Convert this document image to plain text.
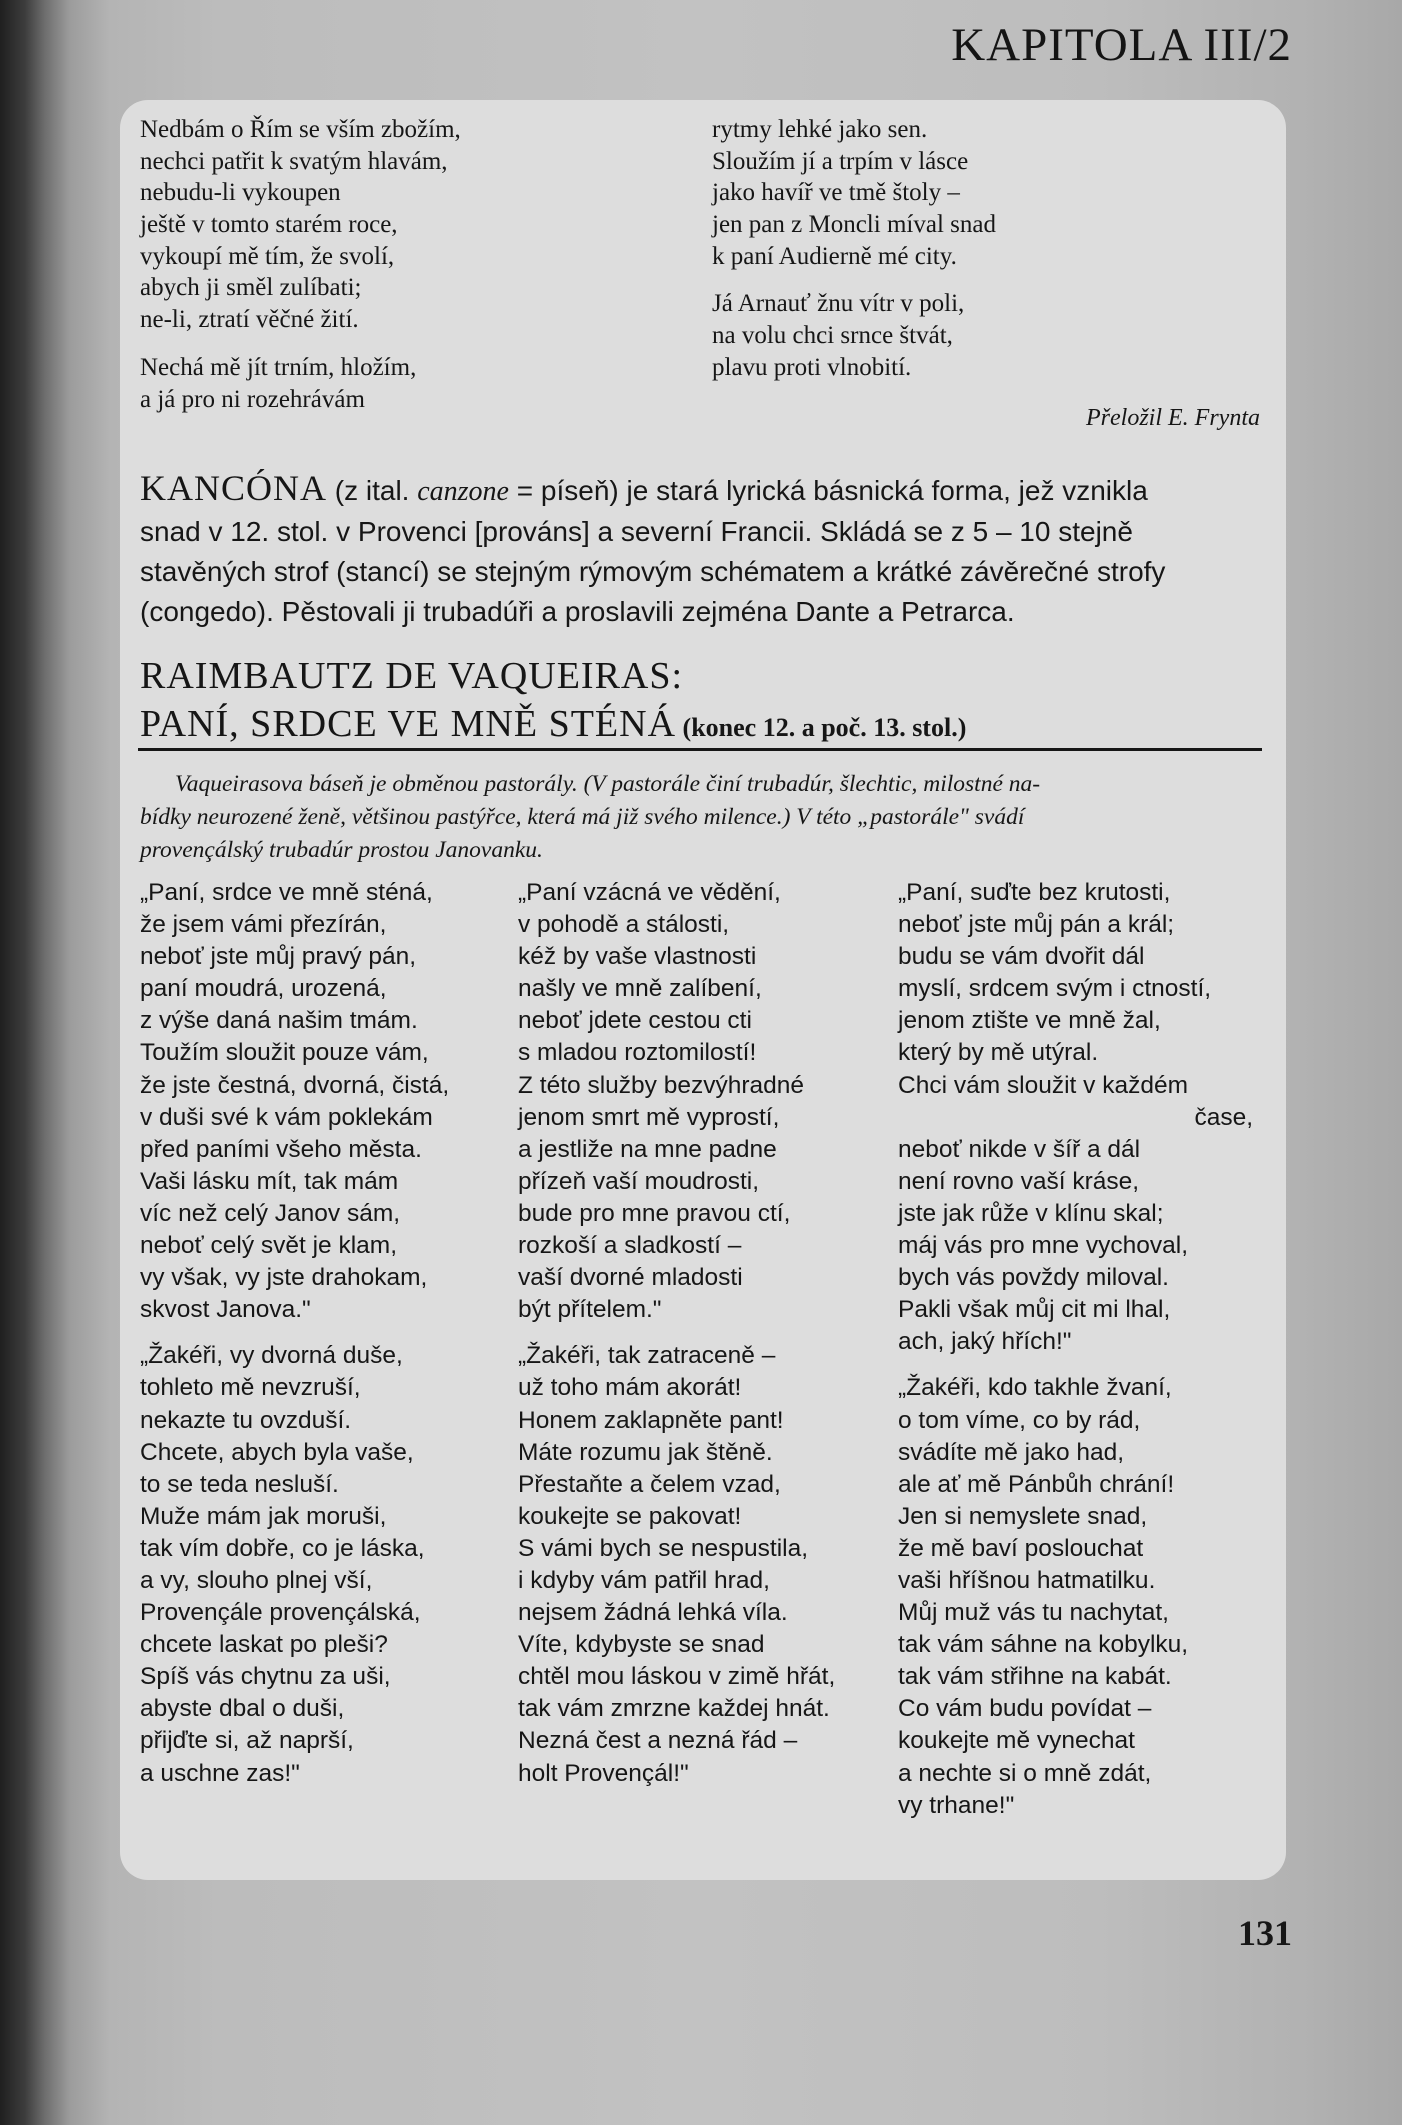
KAPITOLA III/2
Nedbám o Řím se vším zbožím,
nechci patřit k svatým hlavám,
nebudu-li vykoupen
ještě v tomto starém roce,
vykoupí mě tím, že svolí,
abych ji směl zulíbati;
ne-li, ztratí věčné žití.
Nechá mě jít trním, hložím,
a já pro ni rozehrávám
rytmy lehké jako sen.
Sloužím jí a trpím v lásce
jako havíř ve tmě štoly –
jen pan z Moncli míval snad
k paní Audierně mé city.
Já Arnauť žnu vítr v poli,
na volu chci srnce štvát,
plavu proti vlnobití.
Přeložil E. Frynta
KANCÓNA (z ital. canzone = píseň) je stará lyrická básnická forma, jež vznikla
snad v 12. stol. v Provenci [prováns] a severní Francii. Skládá se z 5 – 10 stejně
stavěných strof (stancí) se stejným rýmovým schématem a krátké závěrečné strofy
(congedo). Pěstovali ji trubadúři a proslavili zejména Dante a Petrarca.
RAIMBAUTZ DE VAQUEIRAS:
PANÍ, SRDCE VE MNĚ STÉNÁ (konec 12. a poč. 13. stol.)
Vaqueirasova báseň je obměnou pastorály. (V pastorále činí trubadúr, šlechtic, milostné na-
bídky neurozené ženě, většinou pastýřce, která má již svého milence.) V této „pastorále" svádí
provençálský trubadúr prostou Janovanku.
„Paní, srdce ve mně sténá,
že jsem vámi přezírán,
neboť jste můj pravý pán,
paní moudrá, urozená,
z výše daná našim tmám.
Toužím sloužit pouze vám,
že jste čestná, dvorná, čistá,
v duši své k vám poklekám
před paními všeho města.
Vaši lásku mít, tak mám
víc než celý Janov sám,
neboť celý svět je klam,
vy však, vy jste drahokam,
skvost Janova."
„Žakéři, vy dvorná duše,
tohleto mě nevzruší,
nekazte tu ovzduší.
Chcete, abych byla vaše,
to se teda nesluší.
Muže mám jak moruši,
tak vím dobře, co je láska,
a vy, slouho plnej vší,
Provençále provençálská,
chcete laskat po pleši?
Spíš vás chytnu za uši,
abyste dbal o duši,
přijďte si, až naprší,
a uschne zas!"
„Paní vzácná ve vědění,
v pohodě a stálosti,
kéž by vaše vlastnosti
našly ve mně zalíbení,
neboť jdete cestou cti
s mladou roztomilostí!
Z této služby bezvýhradné
jenom smrt mě vyprostí,
a jestliže na mne padne
přízeň vaší moudrosti,
bude pro mne pravou ctí,
rozkoší a sladkostí –
vaší dvorné mladosti
být přítelem."
„Žakéři, tak zatraceně –
už toho mám akorát!
Honem zaklapněte pant!
Máte rozumu jak štěně.
Přestaňte a čelem vzad,
koukejte se pakovat!
S vámi bych se nespustila,
i kdyby vám patřil hrad,
nejsem žádná lehká víla.
Víte, kdybyste se snad
chtěl mou láskou v zimě hřát,
tak vám zmrzne každej hnát.
Nezná čest a nezná řád –
holt Provençál!"
„Paní, suďte bez krutosti,
neboť jste můj pán a král;
budu se vám dvořit dál
myslí, srdcem svým i ctností,
jenom ztište ve mně žal,
který by mě utýral.
Chci vám sloužit v každém
čase,
neboť nikde v šíř a dál
není rovno vaší kráse,
jste jak růže v klínu skal;
máj vás pro mne vychoval,
bych vás povždy miloval.
Pakli však můj cit mi lhal,
ach, jaký hřích!"
„Žakéři, kdo takhle žvaní,
o tom víme, co by rád,
svádíte mě jako had,
ale ať mě Pánbůh chrání!
Jen si nemyslete snad,
že mě baví poslouchat
vaši hříšnou hatmatilku.
Můj muž vás tu nachytat,
tak vám sáhne na kobylku,
tak vám střihne na kabát.
Co vám budu povídat –
koukejte mě vynechat
a nechte si o mně zdát,
vy trhane!"
131
